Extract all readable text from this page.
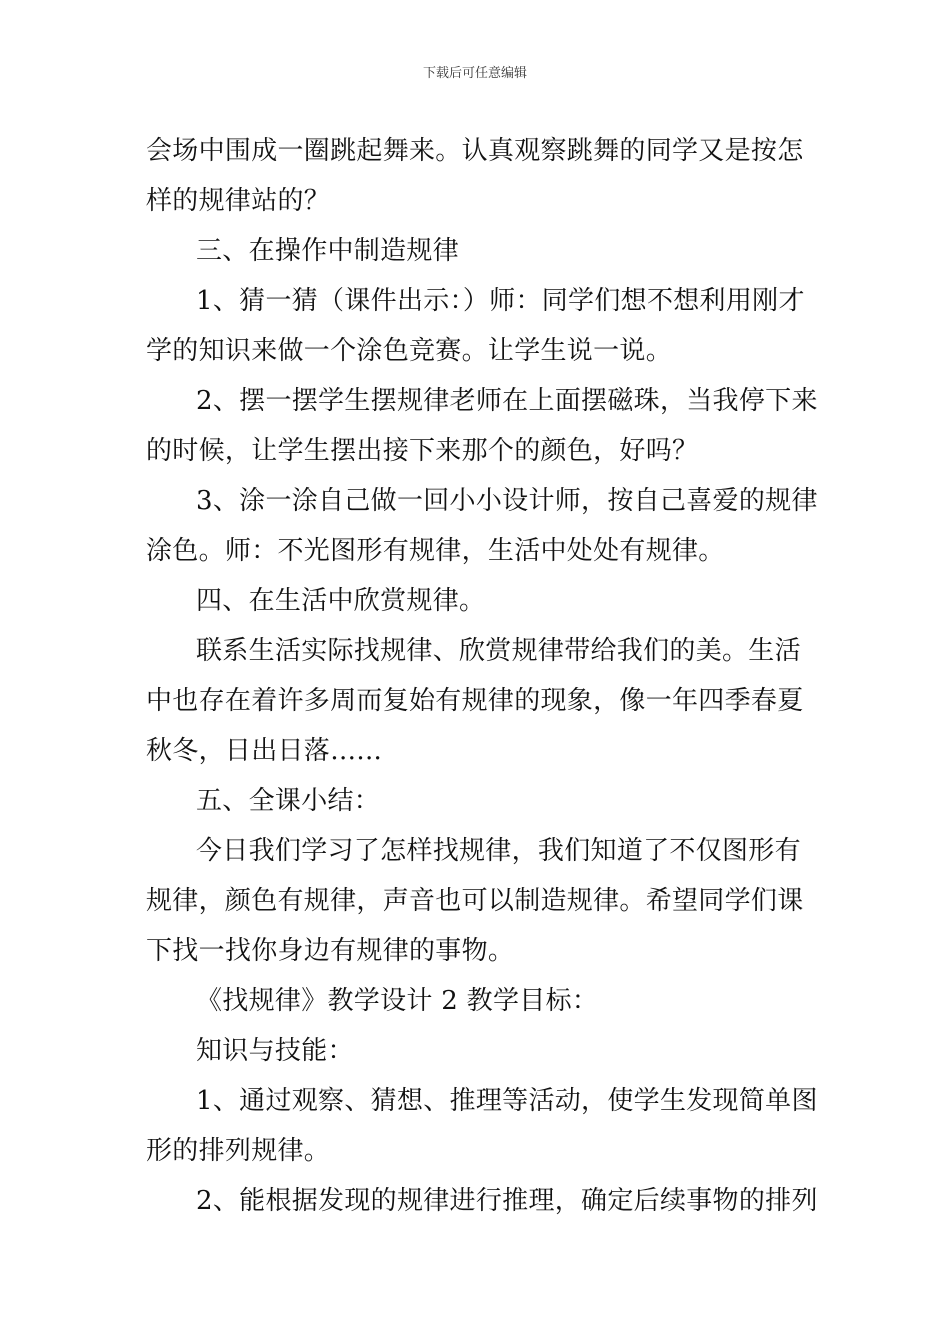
下载后可任意编辑

会场中围成一圈跳起舞来。认真观察跳舞的同学又是按怎

样的规律站的？

三、在操作中制造规律

1、猜一猜（课件出示：）师：同学们想不想利用刚才

学的知识来做一个涂色竞赛。让学生说一说。

2、摆一摆学生摆规律老师在上面摆磁珠，当我停下来

的时候，让学生摆出接下来那个的颜色，好吗？

3、涂一涂自己做一回小小设计师，按自己喜爱的规律

涂色。师：不光图形有规律，生活中处处有规律。

四、在生活中欣赏规律。

联系生活实际找规律、欣赏规律带给我们的美。生活

中也存在着许多周而复始有规律的现象，像一年四季春夏

秋冬，日出日落…...

五、全课小结：

今日我们学习了怎样找规律，我们知道了不仅图形有

规律，颜色有规律，声音也可以制造规律。希望同学们课

下找一找你身边有规律的事物。

《找规律》教学设计 2 教学目标：

知识与技能：

1、通过观察、猜想、推理等活动，使学生发现简单图

形的排列规律。

2、能根据发现的规律进行推理，确定后续事物的排列
